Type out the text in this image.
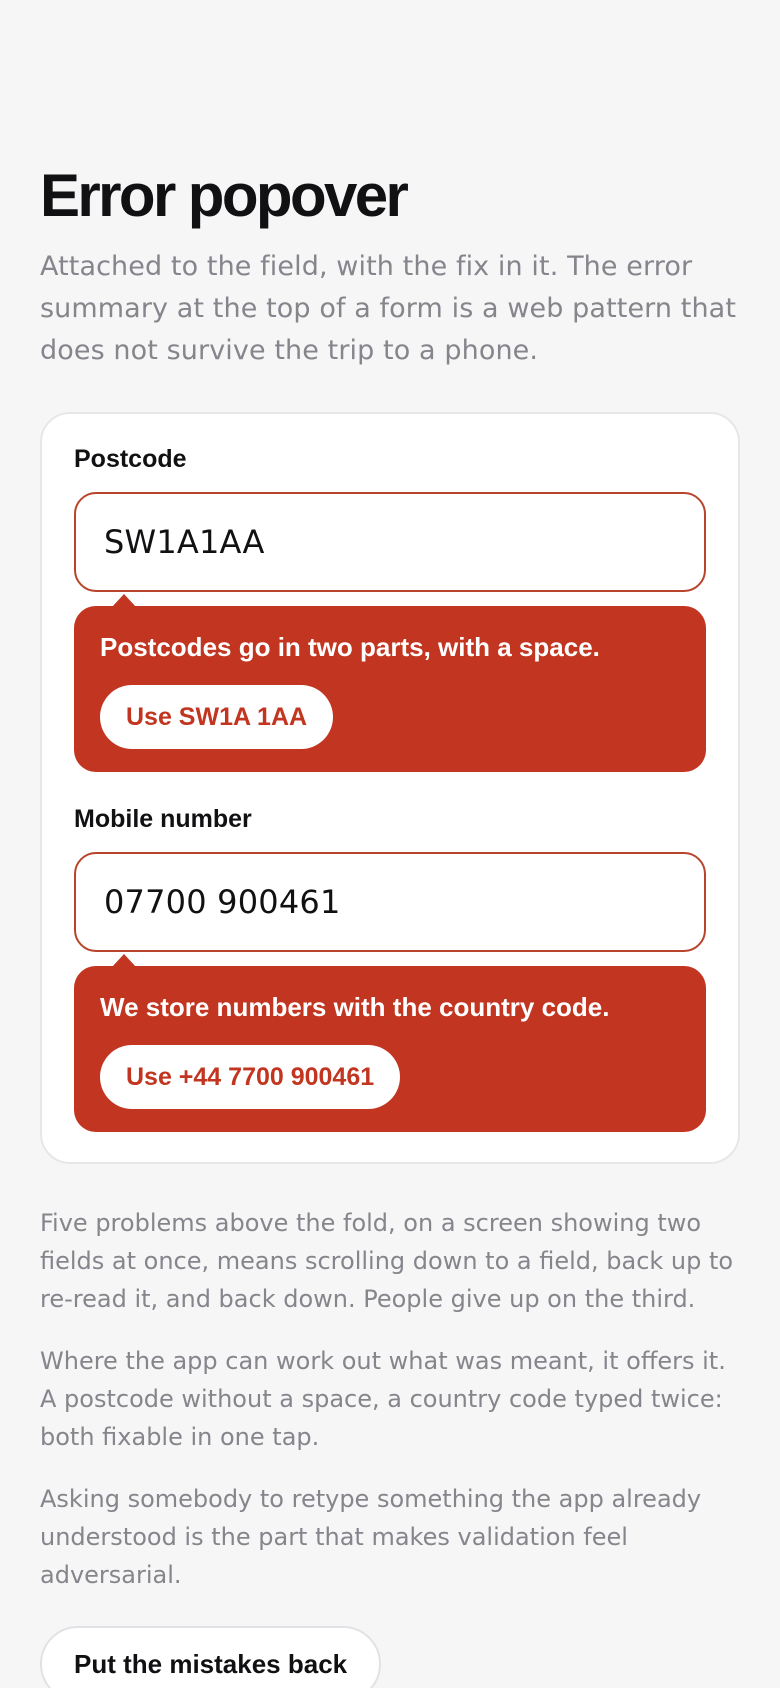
Error popover

Attached to the field, with the fix in it. The error summary at the top of a form is a web pattern that does not survive the trip to a phone.

Postcode
SW1A1AA
Postcodes go in two parts, with a space.
Use SW1A 1AA
Mobile number
07700 900461
We store numbers with the country code.
Use +44 7700 900461

Five problems above the fold, on a screen showing two fields at once, means scrolling down to a field, back up to re-read it, and back down. People give up on the third.

Where the app can work out what was meant, it offers it. A postcode without a space, a country code typed twice: both fixable in one tap.

Asking somebody to retype something the app already understood is the part that makes validation feel adversarial.

Put the mistakes back
